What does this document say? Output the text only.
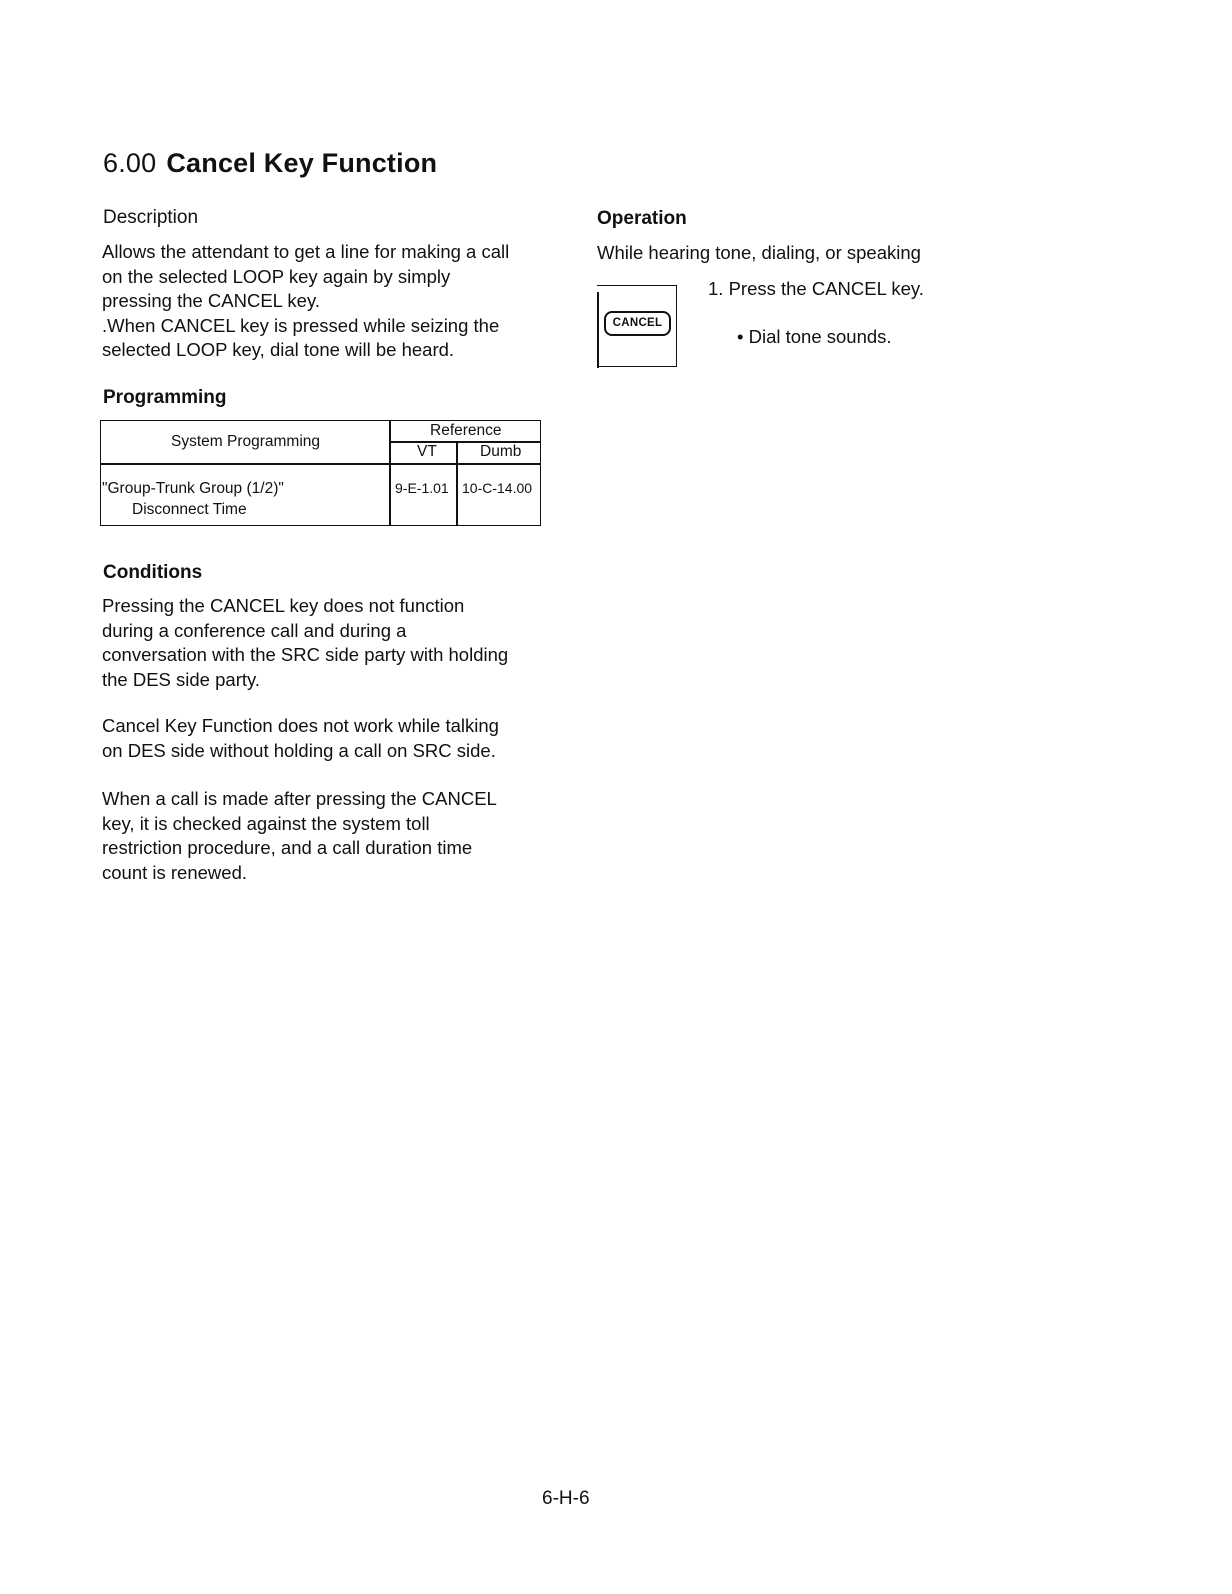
6.00 Cancel Key Function
Description
Allows the attendant to get a line for making a call
on the selected LOOP key again by simply
pressing the CANCEL key.
.When CANCEL key is pressed while seizing the
selected LOOP key, dial tone will be heard.
Programming
System Programming
Reference
VT	Dumb
"Group-Trunk Group (1/2)"
Disconnect Time
9-E-1.01 10-C-14.00
Conditions
Pressing the CANCEL key does not function
during a conference call and during a
conversation with the SRC side party with holding
the DES side party.
Cancel Key Function does not work while talking
on DES side without holding a call on SRC side.
When a call is made after pressing the CANCEL
key, it is checked against the system toll
restriction procedure, and a call duration time
count is renewed.
Operation
While hearing tone, dialing, or speaking
CANCEL
1. Press the CANCEL key.
• Dial tone sounds.
6-H-6
